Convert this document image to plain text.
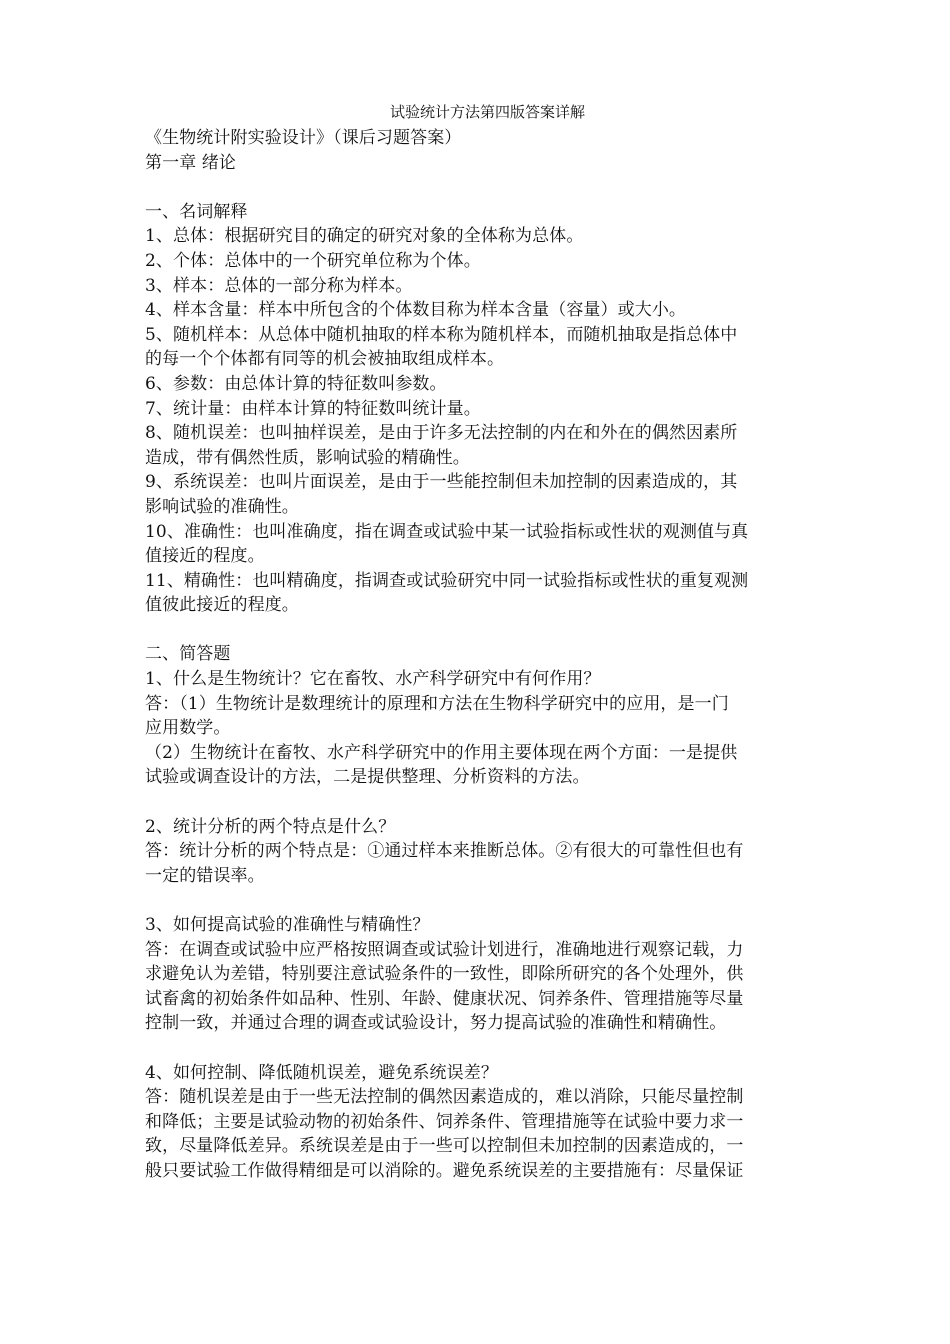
试验统计方法第四版答案详解
《生物统计附实验设计》（课后习题答案）
第一章 绪论
一、名词解释
1、总体：根据研究目的确定的研究对象的全体称为总体。
2、个体：总体中的一个研究单位称为个体。
3、样本：总体的一部分称为样本。
4、样本含量：样本中所包含的个体数目称为样本含量（容量）或大小。
5、随机样本：从总体中随机抽取的样本称为随机样本，而随机抽取是指总体中
的每一个个体都有同等的机会被抽取组成样本。
6、参数：由总体计算的特征数叫参数。
7、统计量：由样本计算的特征数叫统计量。
8、随机误差：也叫抽样误差，是由于许多无法控制的内在和外在的偶然因素所
造成，带有偶然性质，影响试验的精确性。
9、系统误差：也叫片面误差，是由于一些能控制但未加控制的因素造成的，其
影响试验的准确性。
10、准确性：也叫准确度，指在调查或试验中某一试验指标或性状的观测值与真
值接近的程度。
11、精确性：也叫精确度，指调查或试验研究中同一试验指标或性状的重复观测
值彼此接近的程度。
二、简答题
1、什么是生物统计？它在畜牧、水产科学研究中有何作用？
答：（1）生物统计是数理统计的原理和方法在生物科学研究中的应用，是一门
应用数学。
（2）生物统计在畜牧、水产科学研究中的作用主要体现在两个方面：一是提供
试验或调查设计的方法，二是提供整理、分析资料的方法。
2、统计分析的两个特点是什么？
答：统计分析的两个特点是：①通过样本来推断总体。②有很大的可靠性但也有
一定的错误率。
3、如何提高试验的准确性与精确性？
答：在调查或试验中应严格按照调查或试验计划进行，准确地进行观察记载，力
求避免认为差错，特别要注意试验条件的一致性，即除所研究的各个处理外，供
试畜禽的初始条件如品种、性别、年龄、健康状况、饲养条件、管理措施等尽量
控制一致，并通过合理的调查或试验设计，努力提高试验的准确性和精确性。
4、如何控制、降低随机误差，避免系统误差？
答：随机误差是由于一些无法控制的偶然因素造成的，难以消除，只能尽量控制
和降低；主要是试验动物的初始条件、饲养条件、管理措施等在试验中要力求一
致，尽量降低差异。系统误差是由于一些可以控制但未加控制的因素造成的，一
般只要试验工作做得精细是可以消除的。避免系统误差的主要措施有：尽量保证
